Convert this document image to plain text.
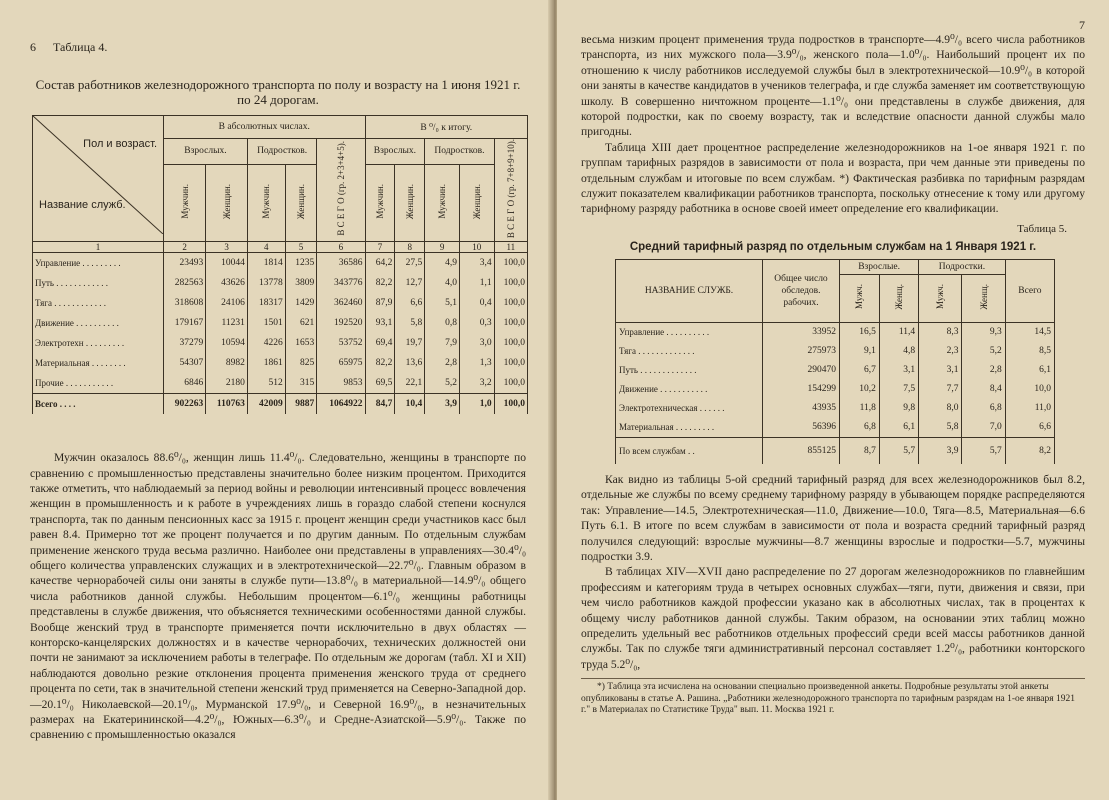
6 Таблица 4.
Состав работников железнодорожного транспорта по полу и возрасту на 1 июня 1921 г.
по 24 дорогам.
Пол и возраст.
Название служб.	В абсолютных числах.					В ⁰/₀ к итогу.				
	Взрослых.		Подростков.		В С Е Г О (гр. 2+3+4+5).	Взрослых.		Подростков.		В С Е Г О (гр. 7+8+9+10).
	Мужчин.	Женщин.	Мужчин.	Женщин.		Мужчин.	Женщин.	Мужчин.	Женщин.	
1	2	3	4	5	6	7	8	9	10	11
Управление . . . . . . . . .	23493	10044	1814	1235	36586	64,2	27,5	4,9	3,4	100,0
Путь . . . . . . . . . . . .	282563	43626	13778	3809	343776	82,2	12,7	4,0	1,1	100,0
Тяга . . . . . . . . . . . .	318608	24106	18317	1429	362460	87,9	6,6	5,1	0,4	100,0
Движение . . . . . . . . . .	179167	11231	1501	621	192520	93,1	5,8	0,8	0,3	100,0
Электротехн . . . . . . . . .	37279	10594	4226	1653	53752	69,4	19,7	7,9	3,0	100,0
Материальная . . . . . . . .	54307	8982	1861	825	65975	82,2	13,6	2,8	1,3	100,0
Прочие . . . . . . . . . . .	6846	2180	512	315	9853	69,5	22,1	5,2	3,2	100,0
Всего . . . .	902263	110763	42009	9887	1064922	84,7	10,4	3,9	1,0	100,0

Мужчин оказалось 88.6⁰/₀, женщин лишь 11.4⁰/₀. Следовательно, женщины в транспорте по сравнению с промышленностью представлены значительно более низким процентом. Приходится также отметить, что наблюдаемый за период войны и революции интенсивный процесс вовлечения женщин в промышленность и к работе в учреждениях лишь в гораздо слабой степени коснулся транспорта, так по данным пенсионных касс за 1915 г. процент женщин среди участников касс был равен 8.4. Примерно тот же процент получается и по другим данным. По отдельным службам применение женского труда весьма различно. Наиболее они представлены в управлениях—30.4⁰/₀ общего количества управленских служащих и в электротехнической—22.7⁰/₀. Главным образом в качестве чернорабочей силы они заняты в службе пути—13.8⁰/₀ в материальной—14.9⁰/₀ общего числа работников данной службы. Небольшим процентом—6.1⁰/₀ женщины работницы представлены в службе движения, что объясняется техническими особенностями данной службы. Вообще женский труд в транспорте применяется почти исключительно в двух областях — конторско-канцелярских должностях и в качестве чернорабочих, технических должностей они почти не занимают за исключением работы в телеграфе. По отдельным же дорогам (табл. XI и XII) наблюдаются довольно резкие отклонения процента применения женского труда от среднего процента по сети, так в значительной степени женский труд применяется на Северно-Западной дор.—20.1⁰/₀ Николаевской—20.1⁰/₀, Мурманской 17.9⁰/₀, и Северной 16.9⁰/₀, в незначительных размерах на Екатерининской—4.2⁰/₀, Южных—6.3⁰/₀ и Средне-Азиатской—5.9⁰/₀. Также по сравнению с промышленностью оказался

7

весьма низким процент применения труда подростков в транспорте—4.9⁰/₀ всего числа работников транспорта, из них мужского пола—3.9⁰/₀, женского пола—1.0⁰/₀. Наибольший процент их по отношению к числу работников исследуемой службы был в электротехнической—10.9⁰/₀ в которой они заняты в качестве кандидатов в учеников телеграфа, и где служба заменяет им соответствующую школу. В совершенно ничтожном проценте—1.1⁰/₀ они представлены в службе движения, для которой подростки, как по своему возрасту, так и вследствие опасности данной службы мало пригодны.

Таблица XIII дает процентное распределение железнодорожников на 1-ое января 1921 г. по группам тарифных разрядов в зависимости от пола и возраста, при чем данные эти приведены по отдельным службам и итоговые по всем службам. *) Фактическая разбивка по тарифным разрядам служит показателем квалификации работников транспорта, поскольку отнесение к тому или другому тарифному разряду работника в основе своей имеет определение его квалификации.

Таблица 5.
Средний тарифный разряд по отдельным службам на 1 Января 1921 г.
НАЗВАНИЕ СЛУЖБ.	Общее число обследов. рабочих.	Взрослые.		Подростки.		Всего
		Мужч.	Женщ.	Мужч.	Женщ.	
Управление . . . . . . . . . .	33952	16,5	11,4	8,3	9,3	14,5
Тяга . . . . . . . . . . . . .	275973	9,1	4,8	2,3	5,2	8,5
Путь . . . . . . . . . . . . .	290470	6,7	3,1	3,1	2,8	6,1
Движение . . . . . . . . . . .	154299	10,2	7,5	7,7	8,4	10,0
Электротехническая . . . . . .	43935	11,8	9,8	8,0	6,8	11,0
Материальная . . . . . . . . .	56396	6,8	6,1	5,8	7,0	6,6
По всем службам . .	855125	8,7	5,7	3,9	5,7	8,2

Как видно из таблицы 5-ой средний тарифный разряд для всех железнодорожников был 8.2, отдельные же службы по всему среднему тарифному разряду в убывающем порядке распределяются так: Управление—14.5, Электротехническая—11.0, Движение—10.0, Тяга—8.5, Материальная—6.6 Путь 6.1. В итоге по всем службам в зависимости от пола и возраста средний тарифный разряд получился следующий: взрослые мужчины—8.7 женщины взрослые и подростки—5.7, мужчины подростки 3.9.

В таблицах XIV—XVII дано распределение по 27 дорогам железнодорожников по главнейшим профессиям и категориям труда в четырех основных службах—тяги, пути, движения и связи, при чем число работников каждой профессии указано как в абсолютных числах, так в процентах к общему числу работников данной службы. Таким образом, на основании этих таблиц можно определить удельный вес работников отдельных профессий среди всей массы работников данной службы. Так по службе тяги административный персонал составляет 1.2⁰/₀, работники конторского труда 5.2⁰/₀,

*) Таблица эта исчислена на основании специально произведенной анкеты. Подробные результаты этой анкеты опубликованы в статье А. Рашина. „Работники железнодорожного транспорта по тарифным разрядам на 1-ое января 1921 г." в Материалах по Статистике Труда" вып. 11. Москва 1921 г.
